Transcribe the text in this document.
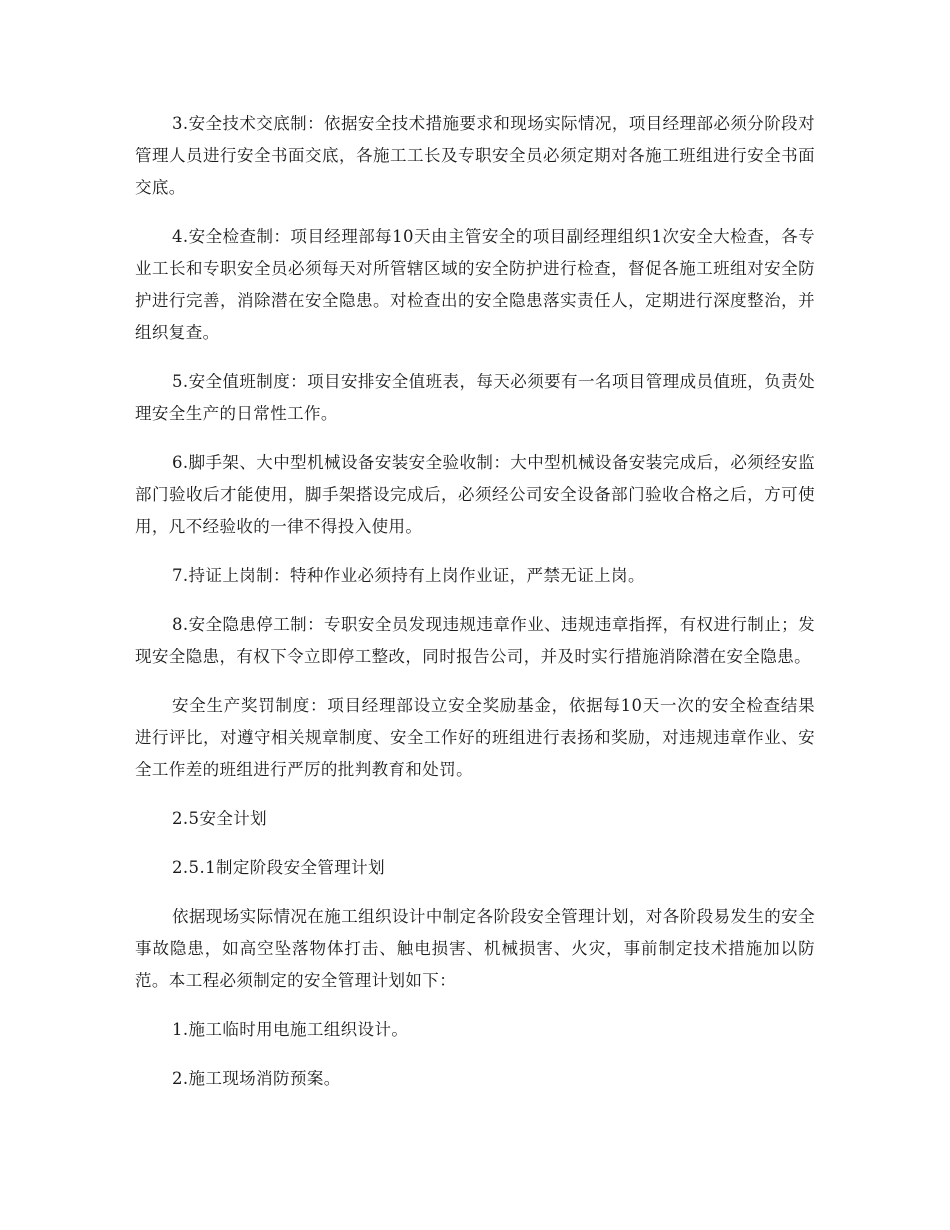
3.安全技术交底制：依据安全技术措施要求和现场实际情况，项目经理部必须分阶段对管理人员进行安全书面交底，各施工工长及专职安全员必须定期对各施工班组进行安全书面交底。

4.安全检查制：项目经理部每10天由主管安全的项目副经理组织1次安全大检查，各专业工长和专职安全员必须每天对所管辖区域的安全防护进行检查，督促各施工班组对安全防护进行完善，消除潜在安全隐患。对检查出的安全隐患落实责任人，定期进行深度整治，并组织复查。

5.安全值班制度：项目安排安全值班表，每天必须要有一名项目管理成员值班，负责处理安全生产的日常性工作。

6.脚手架、大中型机械设备安装安全验收制：大中型机械设备安装完成后，必须经安监部门验收后才能使用，脚手架搭设完成后，必须经公司安全设备部门验收合格之后，方可使用，凡不经验收的一律不得投入使用。

7.持证上岗制：特种作业必须持有上岗作业证，严禁无证上岗。

8.安全隐患停工制：专职安全员发现违规违章作业、违规违章指挥，有权进行制止；发现安全隐患，有权下令立即停工整改，同时报告公司，并及时实行措施消除潜在安全隐患。

安全生产奖罚制度：项目经理部设立安全奖励基金，依据每10天一次的安全检查结果进行评比，对遵守相关规章制度、安全工作好的班组进行表扬和奖励，对违规违章作业、安全工作差的班组进行严厉的批判教育和处罚。

2.5安全计划

2.5.1制定阶段安全管理计划

依据现场实际情况在施工组织设计中制定各阶段安全管理计划，对各阶段易发生的安全事故隐患，如高空坠落物体打击、触电损害、机械损害、火灾，事前制定技术措施加以防范。本工程必须制定的安全管理计划如下：

1.施工临时用电施工组织设计。

2.施工现场消防预案。
